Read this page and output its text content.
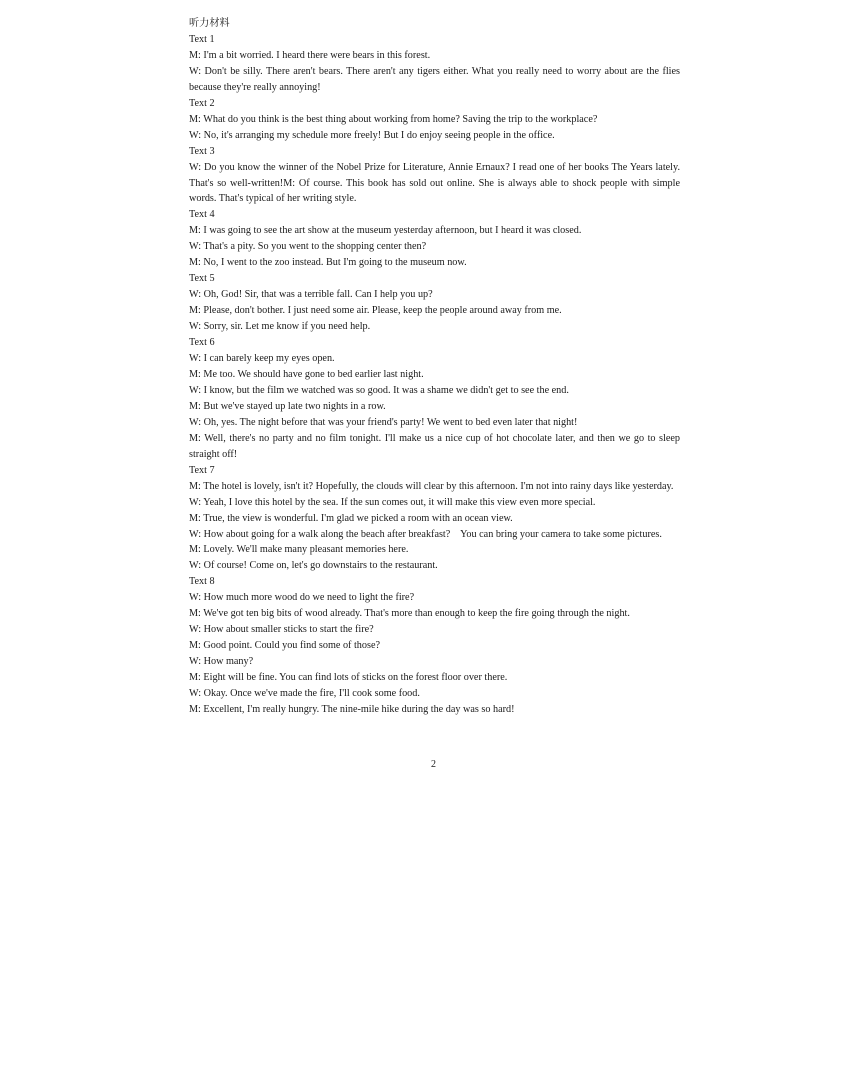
听力材料

Text 1

M: I'm a bit worried. I heard there were bears in this forest.

W: Don't be silly. There aren't bears. There aren't any tigers either. What you really need to worry about are the flies because they're really annoying!

Text 2

M: What do you think is the best thing about working from home? Saving the trip to the workplace?

W: No, it's arranging my schedule more freely! But I do enjoy seeing people in the office.

Text 3

W: Do you know the winner of the Nobel Prize for Literature, Annie Ernaux? I read one of her books The Years lately. That's so well-written!M: Of course. This book has sold out online. She is always able to shock people with simple words. That's typical of her writing style.

Text 4

M: I was going to see the art show at the museum yesterday afternoon, but I heard it was closed.

W: That's a pity. So you went to the shopping center then?

M: No, I went to the zoo instead. But I'm going to the museum now.

Text 5

W: Oh, God! Sir, that was a terrible fall. Can I help you up?

M: Please, don't bother. I just need some air. Please, keep the people around away from me.

W: Sorry, sir. Let me know if you need help.

Text 6

W: I can barely keep my eyes open.

M: Me too. We should have gone to bed earlier last night.

W: I know, but the film we watched was so good. It was a shame we didn't get to see the end.

M: But we've stayed up late two nights in a row.

W: Oh, yes. The night before that was your friend's party! We went to bed even later that night!

M: Well, there's no party and no film tonight. I'll make us a nice cup of hot chocolate later, and then we go to sleep straight off!

Text 7

M: The hotel is lovely, isn't it? Hopefully, the clouds will clear by this afternoon. I'm not into rainy days like yesterday.

W: Yeah, I love this hotel by the sea. If the sun comes out, it will make this view even more special.

M: True, the view is wonderful. I'm glad we picked a room with an ocean view.

W: How about going for a walk along the beach after breakfast?    You can bring your camera to take some pictures.

M: Lovely. We'll make many pleasant memories here.

W: Of course! Come on, let's go downstairs to the restaurant.

Text 8

W: How much more wood do we need to light the fire?

M: We've got ten big bits of wood already. That's more than enough to keep the fire going through the night.

W: How about smaller sticks to start the fire?

M: Good point. Could you find some of those?

W: How many?

M: Eight will be fine. You can find lots of sticks on the forest floor over there.

W: Okay. Once we've made the fire, I'll cook some food.

M: Excellent, I'm really hungry. The nine-mile hike during the day was so hard!

2
